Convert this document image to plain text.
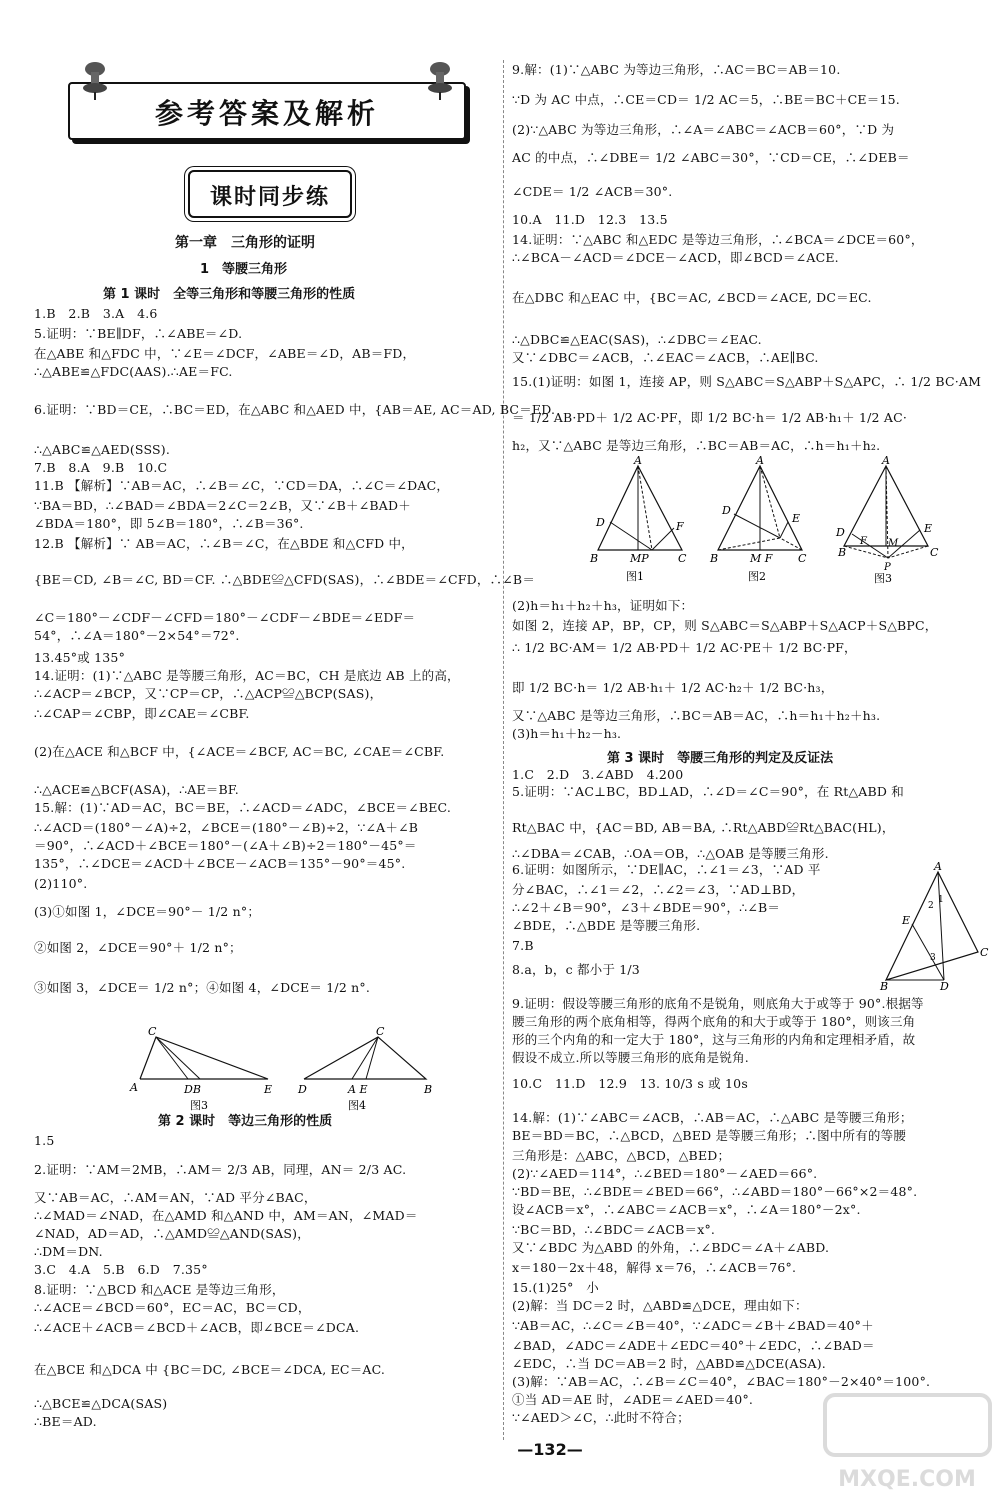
参考答案及解析
课时同步练
第一章　三角形的证明
1　等腰三角形
第 1 课时　全等三角形和等腰三角形的性质
第 2 课时　等边三角形的性质
第 3 课时　等腰三角形的判定及反证法
1.B　2.B　3.A　4.6
5.证明：∵BE∥DF，∴∠ABE＝∠D.
在△ABE 和△FDC 中，∵∠E＝∠DCF，∠ABE＝∠D，AB＝FD，
∴△ABE≌△FDC(AAS).∴AE＝FC.
6.证明：∵BD＝CE，∴BC＝ED，在△ABC 和△AED 中，{AB＝AE, AC＝AD, BC＝ED.
∴△ABC≌△AED(SSS).
7.B　8.A　9.B　10.C
11.B 【解析】∵AB＝AC，∴∠B＝∠C，∵CD＝DA，∴∠C＝∠DAC，
∵BA＝BD，∴∠BAD＝∠BDA＝2∠C＝2∠B，又∵∠B＋∠BAD＋
∠BDA＝180°，即 5∠B＝180°，∴∠B＝36°.
12.B 【解析】∵ AB＝AC，∴∠B＝∠C，在△BDE 和△CFD 中，
{BE＝CD, ∠B＝∠C, BD＝CF. ∴△BDE≌△CFD(SAS)，∴∠BDE＝∠CFD，∴∠B＝
∠C＝180°－∠CDF－∠CFD＝180°－∠CDF－∠BDE＝∠EDF＝
54°，∴∠A＝180°－2×54°＝72°.
13.45°或 135°
14.证明：(1)∵△ABC 是等腰三角形，AC＝BC，CH 是底边 AB 上的高，
∴∠ACP＝∠BCP，又∵CP＝CP，∴△ACP≌△BCP(SAS)，
∴∠CAP＝∠CBP，即∠CAE＝∠CBF.
(2)在△ACE 和△BCF 中，{∠ACE＝∠BCF, AC＝BC, ∠CAE＝∠CBF.
∴△ACE≌△BCF(ASA)，∴AE＝BF.
15.解：(1)∵AD＝AC，BC＝BE，∴∠ACD＝∠ADC，∠BCE＝∠BEC.
∴∠ACD＝(180°－∠A)÷2，∠BCE＝(180°－∠B)÷2，∵∠A＋∠B
＝90°，∴∠ACD＋∠BCE＝180°－(∠A＋∠B)÷2＝180°－45°＝
135°，∴∠DCE＝∠ACD＋∠BCE－∠ACB＝135°－90°＝45°.
(2)110°.
(3)①如图 1，∠DCE＝90°－ 1/2 n°；
②如图 2，∠DCE＝90°＋ 1/2 n°；
③如图 3，∠DCE＝ 1/2 n°；④如图 4，∠DCE＝ 1/2 n°.
1.5
2.证明：∵AM＝2MB，∴AM＝ 2/3 AB，同理，AN＝ 2/3 AC.
又∵AB＝AC，∴AM＝AN，∵AD 平分∠BAC，
∴∠MAD＝∠NAD，在△AMD 和△AND 中，AM＝AN，∠MAD＝
∠NAD，AD＝AD，∴△AMD≌△AND(SAS)，
∴DM＝DN.
3.C　4.A　5.B　6.D　7.35°
8.证明：∵△BCD 和△ACE 是等边三角形，
∴∠ACE＝∠BCD＝60°，EC＝AC，BC＝CD，
∴∠ACE＋∠ACB＝∠BCD＋∠ACB，即∠BCE＝∠DCA.
在△BCE 和△DCA 中 {BC＝DC, ∠BCE＝∠DCA, EC＝AC.
∴△BCE≌△DCA(SAS)
∴BE＝AD.
9.解：(1)∵△ABC 为等边三角形，∴AC＝BC＝AB＝10.
∵D 为 AC 中点，∴CE＝CD＝ 1/2 AC＝5，∴BE＝BC＋CE＝15.
(2)∵△ABC 为等边三角形，∴∠A＝∠ABC＝∠ACB＝60°，∵D 为
AC 的中点，∴∠DBE＝ 1/2 ∠ABC＝30°，∵CD＝CE，∴∠DEB＝
∠CDE＝ 1/2 ∠ACB＝30°.
10.A　11.D　12.3　13.5
14.证明：∵△ABC 和△EDC 是等边三角形，∴∠BCA＝∠DCE＝60°，
∴∠BCA－∠ACD＝∠DCE－∠ACD，即∠BCD＝∠ACE.
在△DBC 和△EAC 中，{BC＝AC, ∠BCD＝∠ACE, DC＝EC.
∴△DBC≌△EAC(SAS)，∴∠DBC＝∠EAC.
又∵∠DBC＝∠ACB，∴∠EAC＝∠ACB，∴AE∥BC.
15.(1)证明：如图 1，连接 AP，则 S△ABC＝S△ABP＋S△APC，∴ 1/2 BC·AM
＝ 1/2 AB·PD＋ 1/2 AC·PF，即 1/2 BC·h＝ 1/2 AB·h₁＋ 1/2 AC·
h₂，又∵△ABC 是等边三角形，∴BC＝AB＝AC，∴h＝h₁＋h₂.
(2)h＝h₁＋h₂＋h₃，证明如下：
如图 2，连接 AP，BP，CP，则 S△ABC＝S△ABP＋S△ACP＋S△BPC，
∴ 1/2 BC·AM＝ 1/2 AB·PD＋ 1/2 AC·PE＋ 1/2 BC·PF，
即 1/2 BC·h＝ 1/2 AB·h₁＋ 1/2 AC·h₂＋ 1/2 BC·h₃，
又∵△ABC 是等边三角形，∴BC＝AB＝AC，∴h＝h₁＋h₂＋h₃.
(3)h＝h₁＋h₂－h₃.
1.C　2.D　3.∠ABD　4.200
5.证明：∵AC⊥BC，BD⊥AD，∴∠D＝∠C＝90°，在 Rt△ABD 和
Rt△BAC 中，{AC＝BD, AB＝BA, ∴Rt△ABD≌Rt△BAC(HL)，
∴∠DBA＝∠CAB，∴OA＝OB，∴△OAB 是等腰三角形.
6.证明：如图所示，∵DE∥AC，∴∠1＝∠3，∵AD 平
分∠BAC，∴∠1＝∠2，∴∠2＝∠3，∵AD⊥BD，
∴∠2＋∠B＝90°，∠3＋∠BDE＝90°，∴∠B＝
∠BDE，∴△BDE 是等腰三角形.
7.B
8.a，b，c 都小于 1/3
9.证明：假设等腰三角形的底角不是锐角，则底角大于或等于 90°.根据等
腰三角形的两个底角相等，得两个底角的和大于或等于 180°，则该三角
形的三个内角的和一定大于 180°，这与三角形的内角和定理相矛盾，故
假设不成立.所以等腰三角形的底角是锐角.
10.C　11.D　12.9　13. 10/3 s 或 10s
14.解：(1)∵∠ABC＝∠ACB，∴AB＝AC，∴△ABC 是等腰三角形；
BE＝BD＝BC，∴△BCD，△BED 是等腰三角形；∴图中所有的等腰
三角形是：△ABC，△BCD，△BED；
(2)∵∠AED＝114°，∴∠BED＝180°－∠AED＝66°.
∵BD＝BE，∴∠BDE＝∠BED＝66°，∴∠ABD＝180°－66°×2＝48°.
设∠ACB＝x°，∴∠ABC＝∠ACB＝x°，∴∠A＝180°－2x°.
∵BC＝BD，∴∠BDC＝∠ACB＝x°.
又∵∠BDC 为△ABD 的外角，∴∠BDC＝∠A＋∠ABD.
x＝180－2x＋48，解得 x＝76，∴∠ACB＝76°.
15.(1)25°　小
(2)解：当 DC＝2 时，△ABD≌△DCE，理由如下：
∵AB＝AC，∴∠C＝∠B＝40°，∵∠ADC＝∠B＋∠BAD＝40°＋
∠BAD，∠ADC＝∠ADE＋∠EDC＝40°＋∠EDC，∴∠BAD＝
∠EDC，∴当 DC＝AB＝2 时，△ABD≌△DCE(ASA).
(3)解：∵AB＝AC，∴∠B＝∠C＝40°，∠BAC＝180°－2×40°＝100°.
①当 AD＝AE 时，∠ADE＝∠AED＝40°.
∵∠AED＞∠C，∴此时不符合；
C
A	DB	E
图3
C
D	A E	B
图4
A
D	F
B	MP	C
图1
A
D
E
B	M F C
图2
A
D	E
B
F M
C
P
图3
A
E
C
B	D
1
2
3
—132—
MXQE.COM
